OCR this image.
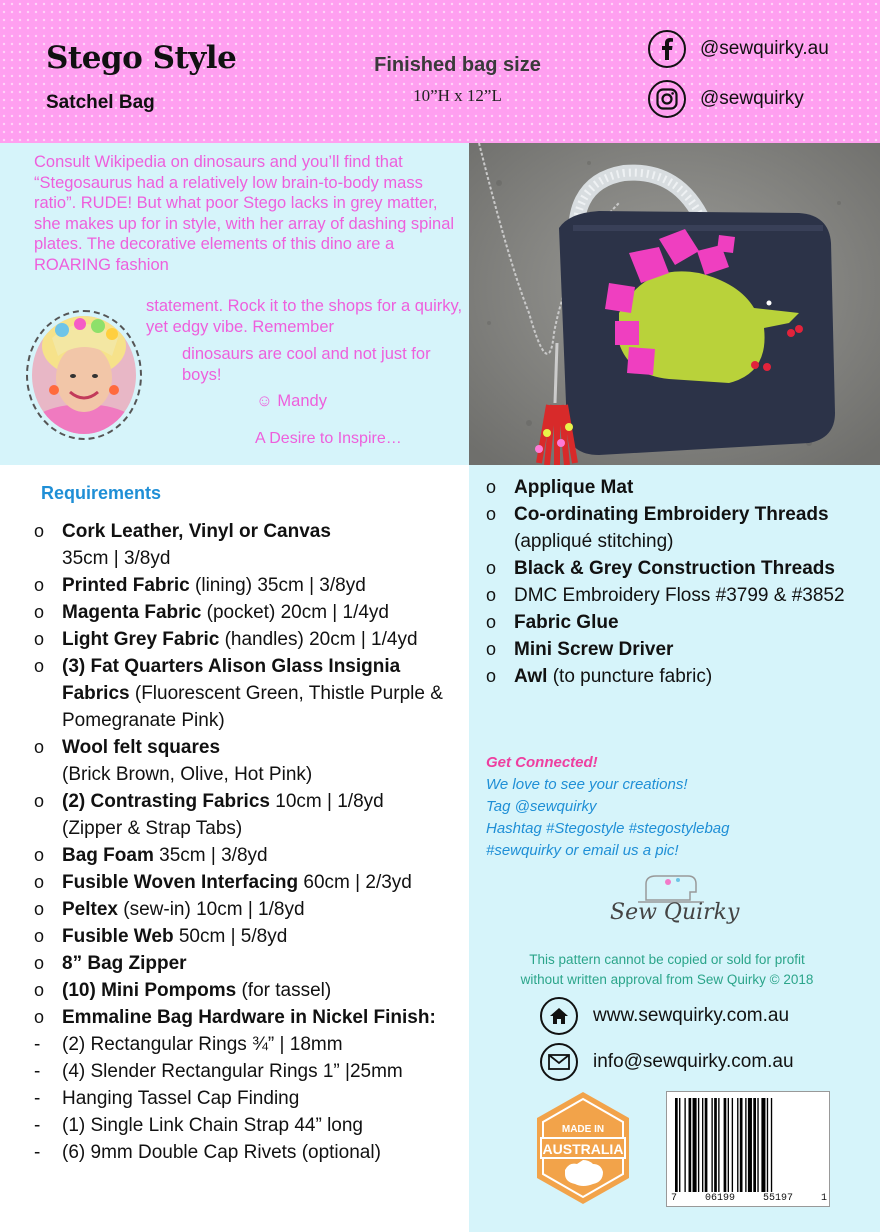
Stego Style
Satchel Bag
Finished bag size
10”H x 12”L
@sewquirky.au
@sewquirky
Consult Wikipedia on dinosaurs and you’ll find that “Stegosaurus had a relatively low brain-to-body mass ratio”. RUDE! But what poor Stego lacks in grey matter, she makes up for in style, with her array of dashing spinal plates. The decorative elements of this dino are a ROARING fashion
statement. Rock it to the shops for a quirky, yet edgy vibe. Remember
dinosaurs are cool and not just for boys!
☺ Mandy
A Desire to Inspire…
Requirements
o Cork Leather, Vinyl or Canvas
35cm | 3/8yd
o Printed Fabric (lining) 35cm | 3/8yd
o Magenta Fabric (pocket) 20cm | 1/4yd
o Light Grey Fabric (handles) 20cm | 1/4yd
o (3) Fat Quarters Alison Glass Insignia Fabrics (Fluorescent Green, Thistle Purple & Pomegranate Pink)
o Wool felt squares
(Brick Brown, Olive, Hot Pink)
o (2) Contrasting Fabrics 10cm | 1/8yd
(Zipper & Strap Tabs)
o Bag Foam 35cm | 3/8yd
o Fusible Woven Interfacing 60cm | 2/3yd
o Peltex (sew-in) 10cm | 1/8yd
o Fusible Web 50cm | 5/8yd
o 8” Bag Zipper
o (10) Mini Pompoms (for tassel)
o Emmaline Bag Hardware in Nickel Finish:
-	(2) Rectangular Rings ¾” | 18mm
-	(4) Slender Rectangular Rings 1” |25mm
-	Hanging Tassel Cap Finding
-	(1) Single Link Chain Strap 44” long
-	(6) 9mm Double Cap Rivets (optional)
o Applique Mat
o Co-ordinating Embroidery Threads (appliqué stitching)
o Black & Grey Construction Threads
o DMC Embroidery Floss #3799 & #3852
o Fabric Glue
o Mini Screw Driver
o Awl (to puncture fabric)
Get Connected!
We love to see your creations!
Tag @sewquirky
Hashtag #Stegostyle #stegostylebag
#sewquirky or email us a pic!
Sew Quirky
This pattern cannot be copied or sold for profit
without written approval from Sew Quirky © 2018
www.sewquirky.com.au
info@sewquirky.com.au
MADE IN
AUSTRALIA
7	06199	55197	1
